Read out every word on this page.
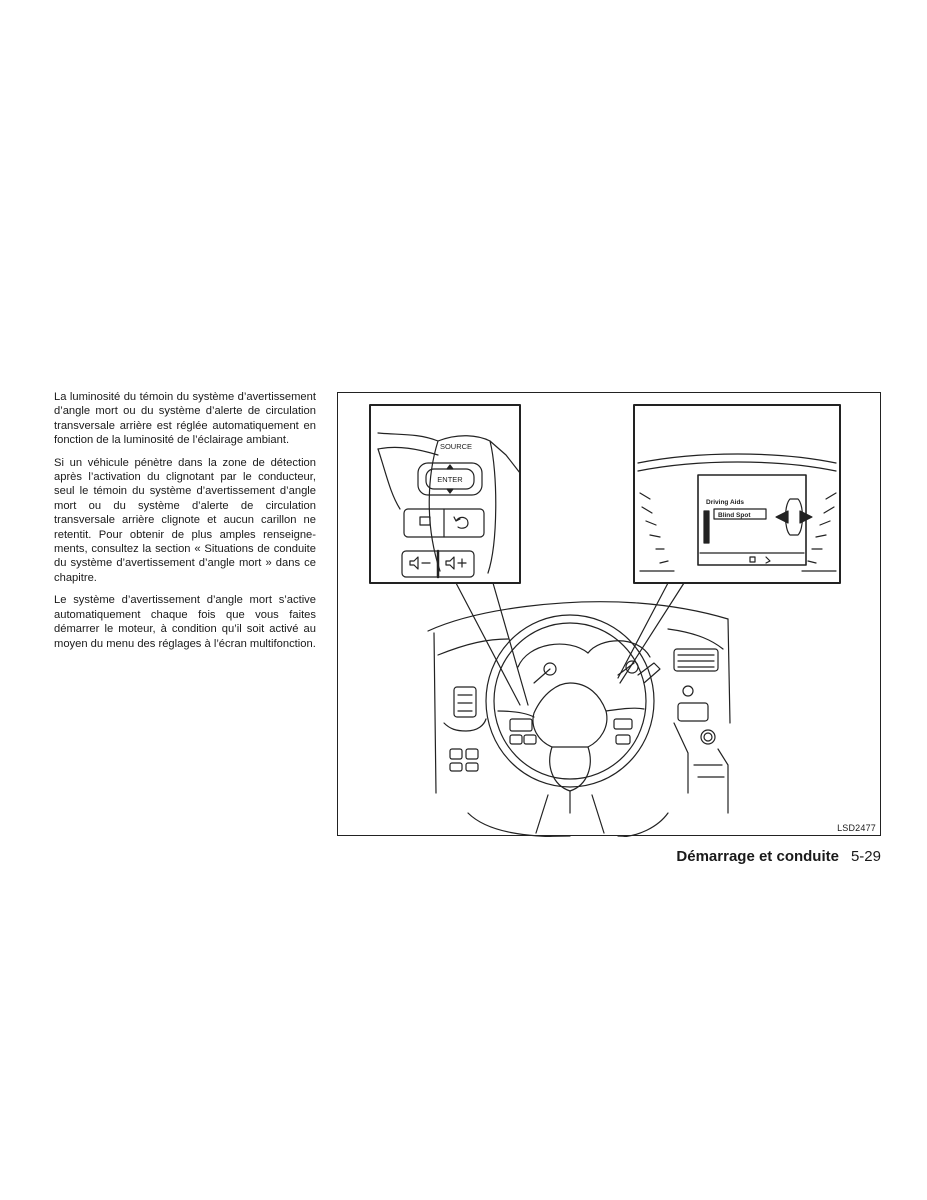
La luminosité du témoin du système d’avertissement d’angle mort ou du système d’alerte de circulation transversale arrière est réglée automatiquement en fonction de la luminosité de l’éclairage ambiant.

Si un véhicule pénètre dans la zone de détection après l’activation du clignotant par le conducteur, seul le témoin du système d’avertissement d’angle mort ou du système d’alerte de circulation transversale arrière clignote et aucun carillon ne retentit. Pour obtenir de plus amples renseignements, consultez la section « Situations de conduite du système d’avertissement d’angle mort » dans ce chapitre.

Le système d’avertissement d’angle mort s’active automatiquement chaque fois que vous faites démarrer le moteur, à condition qu’il soit activé au moyen du menu des réglages à l’écran multifonction.

SOURCE
ENTER
Driving Aids
Blind Spot
LSD2477
Démarrage et conduite 5-29
